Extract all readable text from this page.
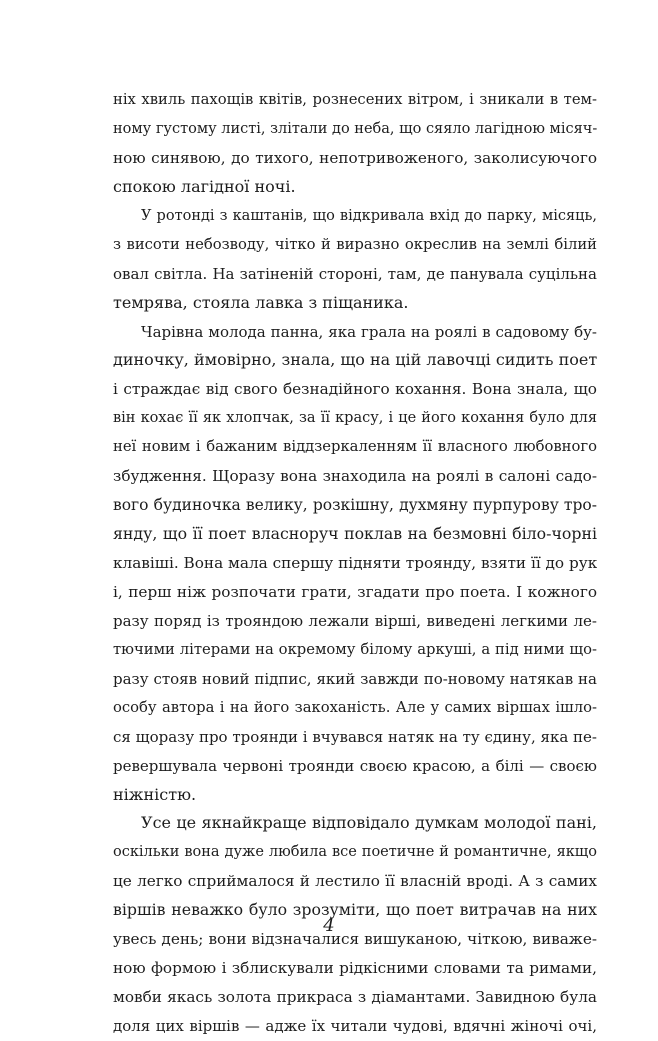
ніх хвиль пахощів квітів, рознесених вітром, і зникали в тем-
ному густому листі, злітали до неба, що сяяло лагідною місяч-
ною синявою, до тихого, непотривоженого, заколисуючого
спокою лагідної ночі.
У ротонді з каштанів, що відкривала вхід до парку, місяць,
з висоти небозводу, чітко й виразно окреслив на землі білий
овал світла. На затіненій стороні, там, де панувала суцільна
темрява, стояла лавка з піщаника.
Чарівна молода панна, яка грала на роялі в садовому бу-
диночку, ймовірно, знала, що на цій лавочці сидить поет
і страждає від свого безнадійного кохання. Вона знала, що
він кохає її як хлопчак, за її красу, і це його кохання було для
неї новим і бажаним віддзеркаленням її власного любовного
збудження. Щоразу вона знаходила на роялі в салоні садо-
вого будиночка велику, розкішну, духмяну пурпурову тро-
янду, що її поет власноруч поклав на безмовні біло-чорні
клавіші. Вона мала спершу підняти троянду, взяти її до рук
і, перш ніж розпочати грати, згадати про поета. І кожного
разу поряд із трояндою лежали вірші, виведені легкими ле-
тючими літерами на окремому білому аркуші, а під ними що-
разу стояв новий підпис, який завжди по-новому натякав на
особу автора і на його закоханість. Але у самих віршах ішло-
ся щоразу про троянди і вчувався натяк на ту єдину, яка пе-
ревершувала червоні троянди своєю красою, а білі — своєю
ніжністю.
Усе це якнайкраще відповідало думкам молодої пані,
оскільки вона дуже любила все поетичне й романтичне, якщо
це легко сприймалося й лестило її власній вроді. А з самих
віршів неважко було зрозуміти, що поет витрачав на них
увесь день; вони відзначалися вишуканою, чіткою, виваже-
ною формою і зблискували рідкісними словами та римами,
мовби якась золота прикраса з діамантами. Завидною була
доля цих віршів — адже їх читали чудові, вдячні жіночі очі,
4
